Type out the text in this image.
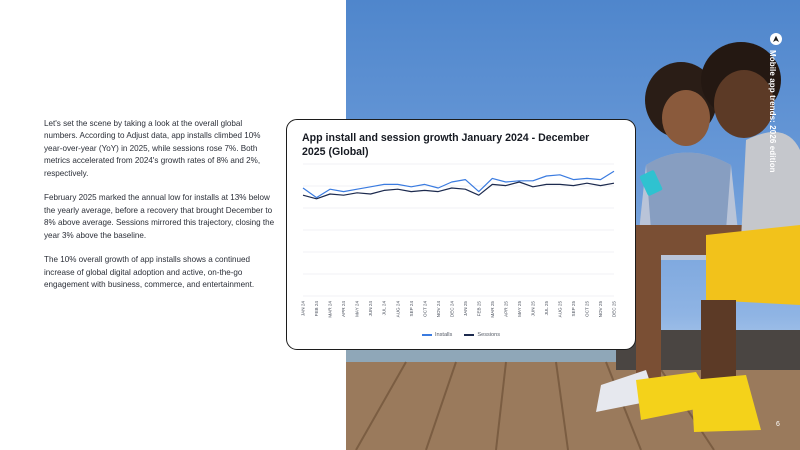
Let's set the scene by taking a look at the overall global numbers. According to Adjust data, app installs climbed 10% year-over-year (YoY) in 2025, while sessions rose 7%. Both metrics accelerated from 2024's growth rates of 8% and 2%, respectively.

February 2025 marked the annual low for installs at 13% below the yearly average, before a recovery that brought December to 8% above average. Sessions mirrored this trajectory, closing the year 3% above the baseline.

The 10% overall growth of app installs shows a continued increase of global digital adoption and active, on-the-go engagement with business, commerce, and entertainment.

App install and session growth January 2024 - December 2025 (Global)
JAN 24 FEB 24 MAR 24 APR 24 MAY 24 JUN 24 JUL 24 AUG 24 SEP 24 OCT 24 NOV 24 DEC 24 JAN 25 FEB 25 MAR 25 APR 25 MAY 25 JUN 25 JUL 25 AUG 25 SEP 25 OCT 25 NOV 25 DEC 25
Installs	Sessions
Mobile app trends: 2026 edition
6
